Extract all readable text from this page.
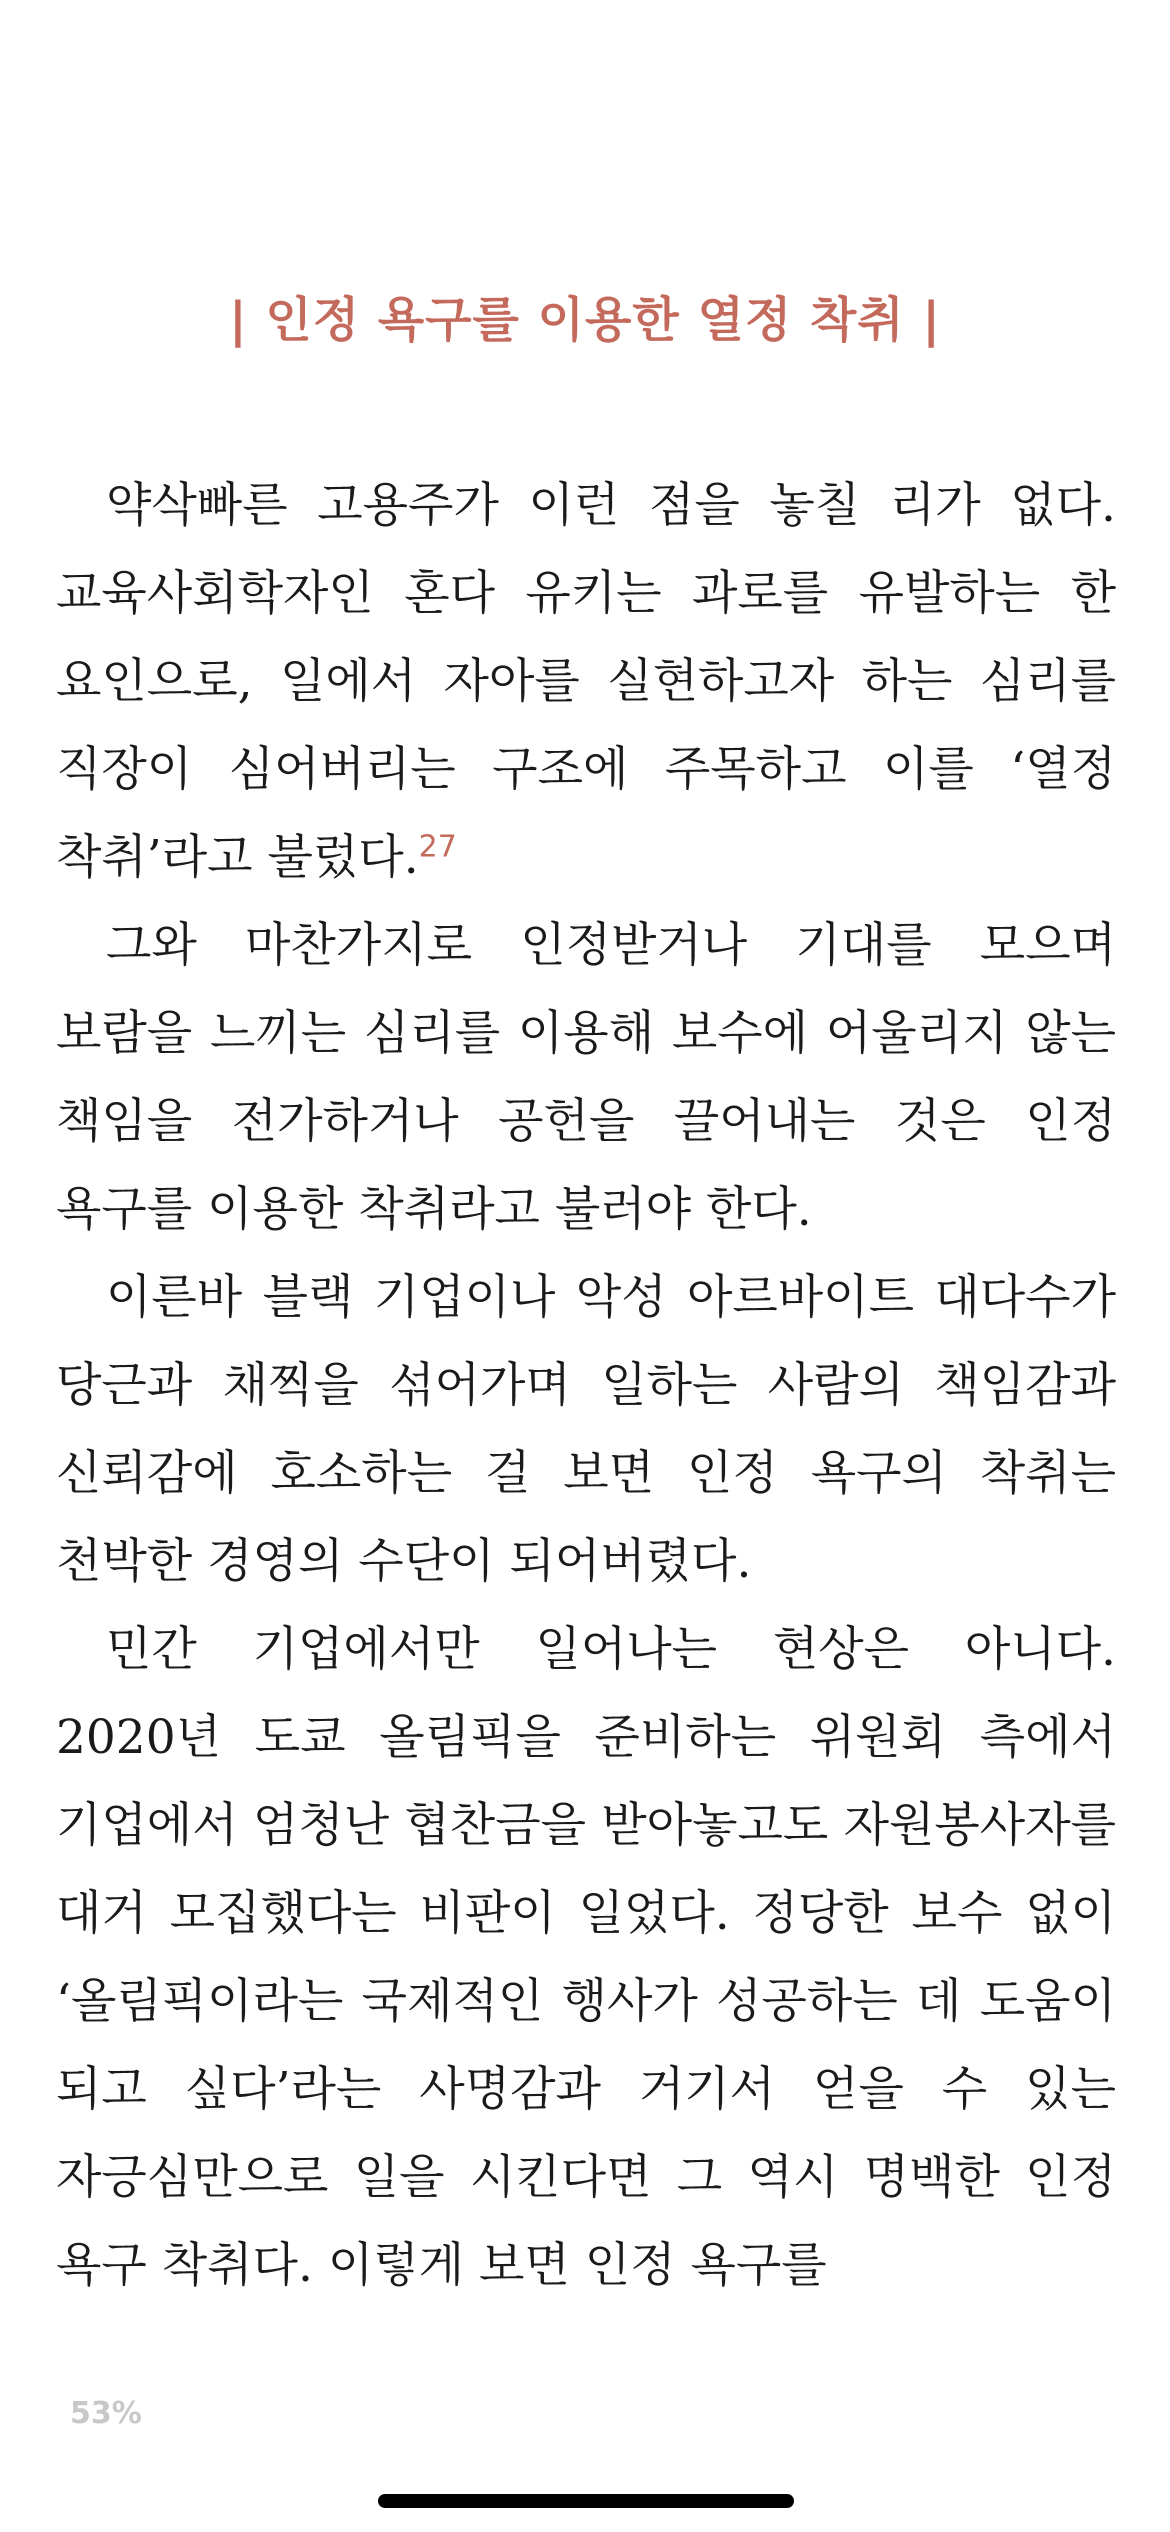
| 인정 욕구를 이용한 열정 착취 |

약삭빠른 고용주가 이런 점을 놓칠 리가 없다. 교육사회학자인 혼다 유키는 과로를 유발하는 한 요인으로, 일에서 자아를 실현하고자 하는 심리를 직장이 심어버리는 구조에 주목하고 이를 ‘열정 착취’라고 불렀다.$^{27}$

그와 마찬가지로 인정받거나 기대를 모으며 보람을 느끼는 심리를 이용해 보수에 어울리지 않는 책임을 전가하거나 공헌을 끌어내는 것은 인정 욕구를 이용한 착취라고 불러야 한다.

이른바 블랙 기업이나 악성 아르바이트 대다수가 당근과 채찍을 섞어가며 일하는 사람의 책임감과 신뢰감에 호소하는 걸 보면 인정 욕구의 착취는 천박한 경영의 수단이 되어버렸다.

민간 기업에서만 일어나는 현상은 아니다. 2020년 도쿄 올림픽을 준비하는 위원회 측에서 기업에서 엄청난 협찬금을 받아놓고도 자원봉사자를 대거 모집했다는 비판이 일었다. 정당한 보수 없이 ‘올림픽이라는 국제적인 행사가 성공하는 데 도움이 되고 싶다’라는 사명감과 거기서 얻을 수 있는 자긍심만으로 일을 시킨다면 그 역시 명백한 인정 욕구 착취다. 이렇게 보면 인정 욕구를

53%
